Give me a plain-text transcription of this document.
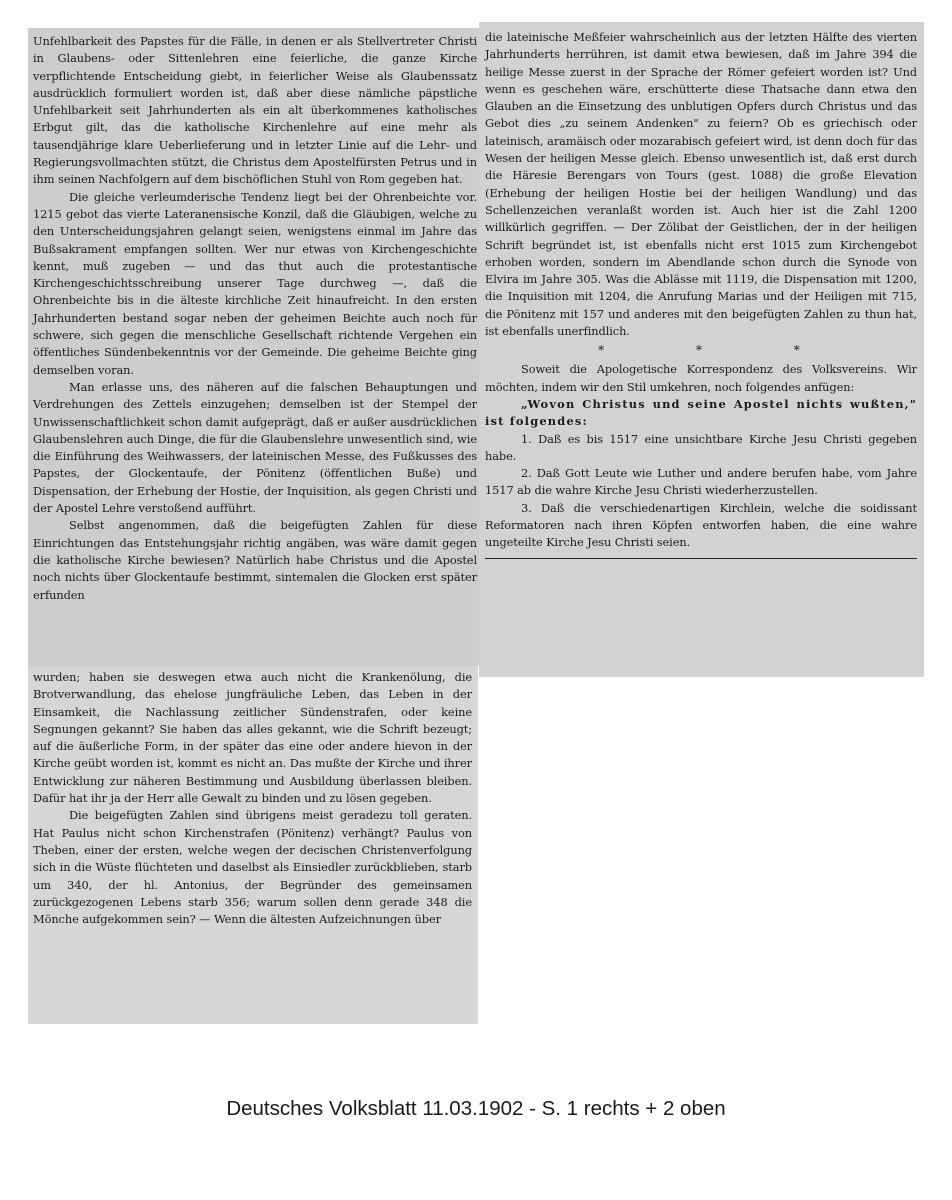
Unfehlbarkeit des Papstes für die Fälle, in denen er als Stellvertreter Christi in Glaubens- oder Sittenlehren eine feierliche, die ganze Kirche verpflichtende Entscheidung giebt, in feierlicher Weise als Glaubenssatz ausdrücklich formuliert worden ist, daß aber diese nämliche päpstliche Unfehlbarkeit seit Jahrhunderten als ein alt überkommenes katholisches Erbgut gilt, das die katholische Kirchenlehre auf eine mehr als tausendjährige klare Ueberlieferung und in letzter Linie auf die Lehr- und Regierungsvollmachten stützt, die Christus dem Apostelfürsten Petrus und in ihm seinen Nachfolgern auf dem bischöflichen Stuhl von Rom gegeben hat.

Die gleiche verleumderische Tendenz liegt bei der Ohrenbeichte vor. 1215 gebot das vierte Lateranensische Konzil, daß die Gläubigen, welche zu den Unterscheidungsjahren gelangt seien, wenigstens einmal im Jahre das Bußsakrament empfangen sollten. Wer nur etwas von Kirchengeschichte kennt, muß zugeben — und das thut auch die protestantische Kirchengeschichtsschreibung unserer Tage durchweg —, daß die Ohrenbeichte bis in die älteste kirchliche Zeit hinaufreicht. In den ersten Jahrhunderten bestand sogar neben der geheimen Beichte auch noch für schwere, sich gegen die menschliche Gesellschaft richtende Vergehen ein öffentliches Sündenbekenntnis vor der Gemeinde. Die geheime Beichte ging demselben voran.

Man erlasse uns, des näheren auf die falschen Behauptungen und Verdrehungen des Zettels einzugehen; demselben ist der Stempel der Unwissenschaftlichkeit schon damit aufgeprägt, daß er außer ausdrücklichen Glaubenslehren auch Dinge, die für die Glaubenslehre unwesentlich sind, wie die Einführung des Weihwassers, der lateinischen Messe, des Fußkusses des Papstes, der Glockentaufe, der Pönitenz (öffentlichen Buße) und Dispensation, der Erhebung der Hostie, der Inquisition, als gegen Christi und der Apostel Lehre verstoßend aufführt.

Selbst angenommen, daß die beigefügten Zahlen für diese Einrichtungen das Entstehungsjahr richtig angäben, was wäre damit gegen die katholische Kirche bewiesen? Natürlich habe Christus und die Apostel noch nichts über Glockentaufe bestimmt, sintemalen die Glocken erst später erfunden

wurden; haben sie deswegen etwa auch nicht die Krankenölung, die Brotverwandlung, das ehelose jungfräuliche Leben, das Leben in der Einsamkeit, die Nachlassung zeitlicher Sündenstrafen, oder keine Segnungen gekannt? Sie haben das alles gekannt, wie die Schrift bezeugt; auf die äußerliche Form, in der später das eine oder andere hievon in der Kirche geübt worden ist, kommt es nicht an. Das mußte der Kirche und ihrer Entwicklung zur näheren Bestimmung und Ausbildung überlassen bleiben. Dafür hat ihr ja der Herr alle Gewalt zu binden und zu lösen gegeben.

Die beigefügten Zahlen sind übrigens meist geradezu toll geraten. Hat Paulus nicht schon Kirchenstrafen (Pönitenz) verhängt? Paulus von Theben, einer der ersten, welche wegen der decischen Christenverfolgung sich in die Wüste flüchteten und daselbst als Einsiedler zurückblieben, starb um 340, der hl. Antonius, der Begründer des gemeinsamen zurückgezogenen Lebens starb 356; warum sollen denn gerade 348 die Mönche aufgekommen sein? — Wenn die ältesten Aufzeichnungen über

die lateinische Meßfeier wahrscheinlich aus der letzten Hälfte des vierten Jahrhunderts herrühren, ist damit etwa bewiesen, daß im Jahre 394 die heilige Messe zuerst in der Sprache der Römer gefeiert worden ist? Und wenn es geschehen wäre, erschütterte diese Thatsache dann etwa den Glauben an die Einsetzung des unblutigen Opfers durch Christus und das Gebot dies „zu seinem Andenken" zu feiern? Ob es griechisch oder lateinisch, aramäisch oder mozarabisch gefeiert wird, ist denn doch für das Wesen der heiligen Messe gleich. Ebenso unwesentlich ist, daß erst durch die Häresie Berengars von Tours (gest. 1088) die große Elevation (Erhebung der heiligen Hostie bei der heiligen Wandlung) und das Schellenzeichen veranlaßt worden ist. Auch hier ist die Zahl 1200 willkürlich gegriffen. — Der Zölibat der Geistlichen, der in der heiligen Schrift begründet ist, ist ebenfalls nicht erst 1015 zum Kirchengebot erhoben worden, sondern im Abendlande schon durch die Synode von Elvira im Jahre 305. Was die Ablässe mit 1119, die Dispensation mit 1200, die Inquisition mit 1204, die Anrufung Marias und der Heiligen mit 715, die Pönitenz mit 157 und anderes mit den beigefügten Zahlen zu thun hat, ist ebenfalls unerfindlich.

* * *

Soweit die Apologetische Korrespondenz des Volksvereins. Wir möchten, indem wir den Stil umkehren, noch folgendes anfügen:

„Wovon Christus und seine Apostel nichts wußten," ist folgendes:

1. Daß es bis 1517 eine unsichtbare Kirche Jesu Christi gegeben habe.

2. Daß Gott Leute wie Luther und andere berufen habe, vom Jahre 1517 ab die wahre Kirche Jesu Christi wiederherzustellen.

3. Daß die verschiedenartigen Kirchlein, welche die soidissant Reformatoren nach ihren Köpfen entworfen haben, die eine wahre ungeteilte Kirche Jesu Christi seien.

Deutsches Volksblatt 11.03.1902 - S. 1 rechts + 2 oben
